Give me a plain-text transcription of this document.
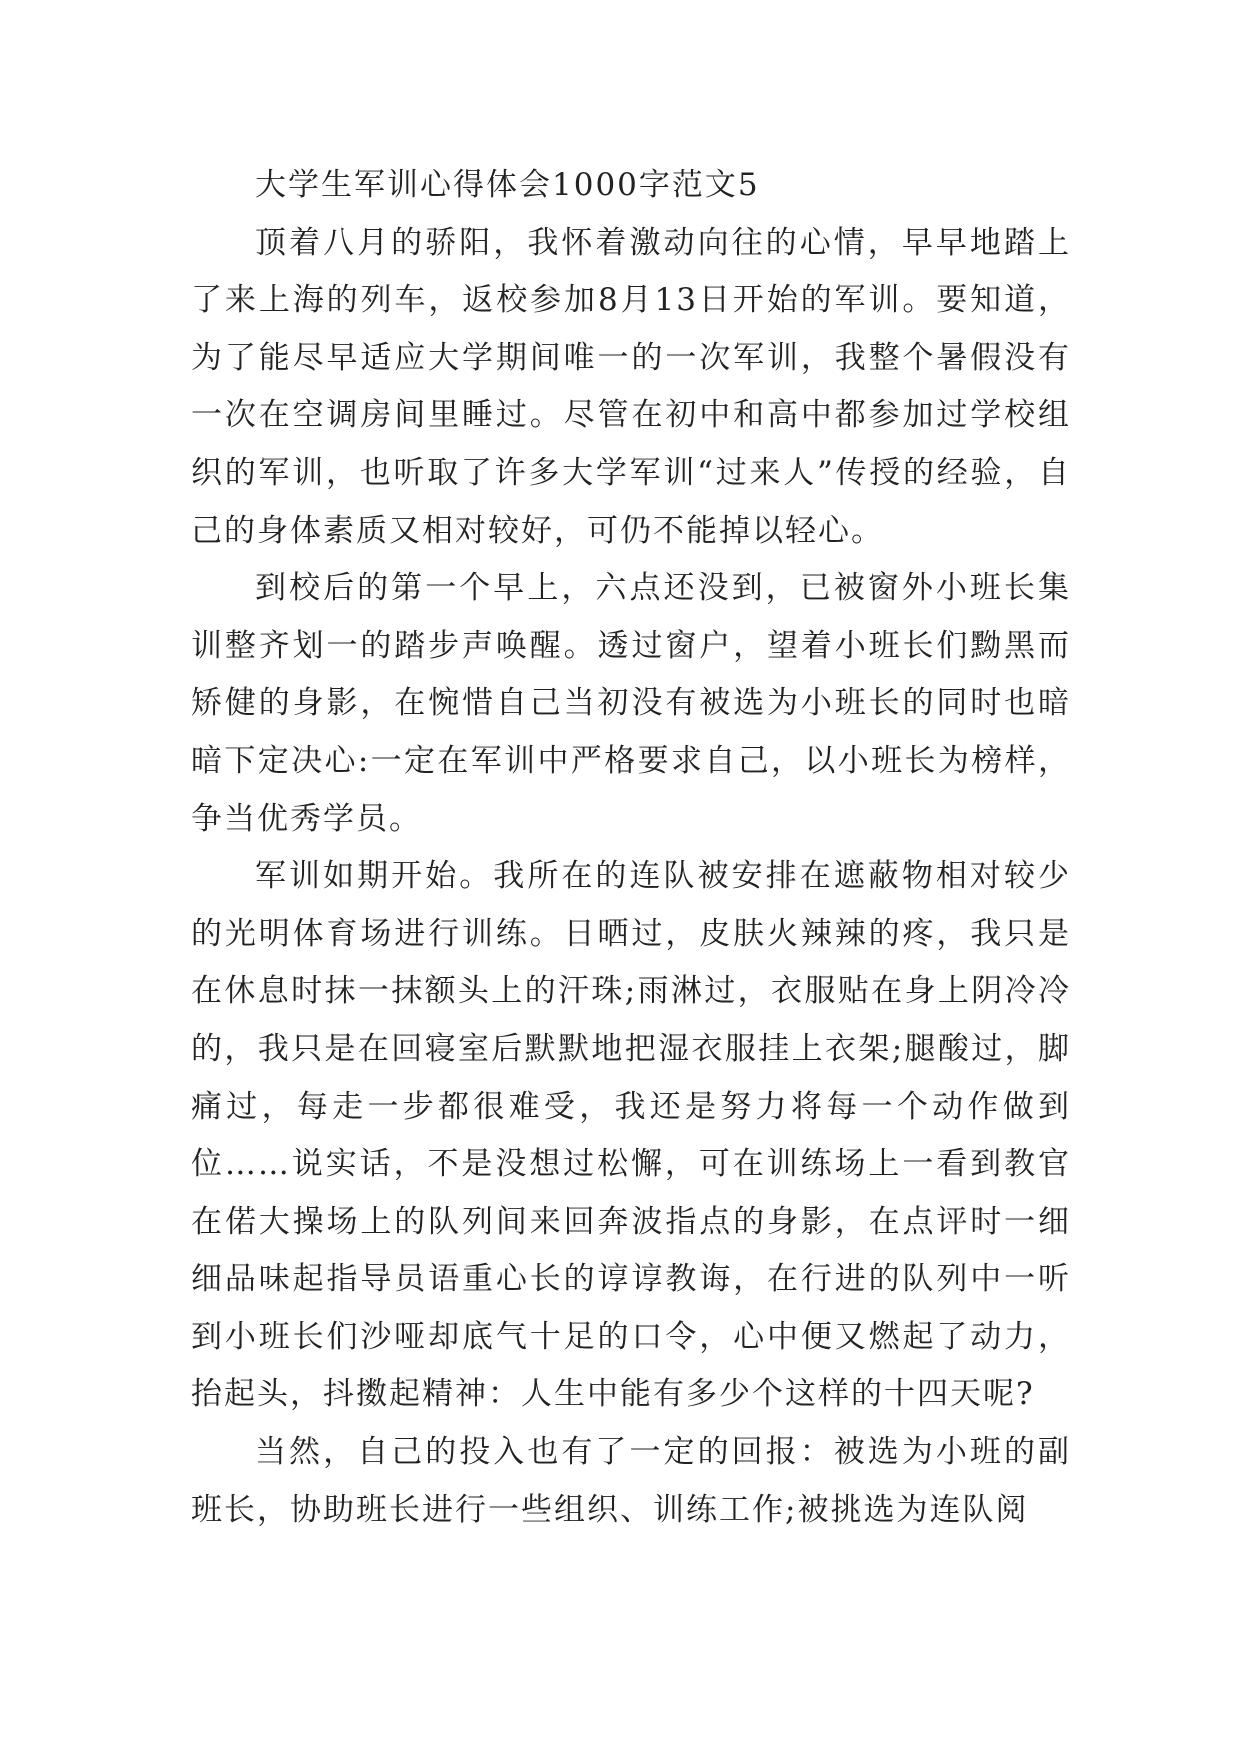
大学生军训心得体会1000字范文5

顶着八月的骄阳，我怀着激动向往的心情，早早地踏上了来上海的列车，返校参加8月13日开始的军训。要知道，为了能尽早适应大学期间唯一的一次军训，我整个暑假没有一次在空调房间里睡过。尽管在初中和高中都参加过学校组织的军训，也听取了许多大学军训“过来人”传授的经验，自己的身体素质又相对较好，可仍不能掉以轻心。

到校后的第一个早上，六点还没到，已被窗外小班长集训整齐划一的踏步声唤醒。透过窗户，望着小班长们黝黑而矫健的身影，在惋惜自己当初没有被选为小班长的同时也暗暗下定决心:一定在军训中严格要求自己，以小班长为榜样，争当优秀学员。

军训如期开始。我所在的连队被安排在遮蔽物相对较少的光明体育场进行训练。日晒过，皮肤火辣辣的疼，我只是在休息时抹一抹额头上的汗珠;雨淋过，衣服贴在身上阴冷冷的，我只是在回寝室后默默地把湿衣服挂上衣架;腿酸过，脚痛过，每走一步都很难受，我还是努力将每一个动作做到位……说实话，不是没想过松懈，可在训练场上一看到教官在偌大操场上的队列间来回奔波指点的身影，在点评时一细细品味起指导员语重心长的谆谆教诲，在行进的队列中一听到小班长们沙哑却底气十足的口令，心中便又燃起了动力，抬起头，抖擞起精神：人生中能有多少个这样的十四天呢?

当然，自己的投入也有了一定的回报：被选为小班的副班长，协助班长进行一些组织、训练工作;被挑选为连队阅
